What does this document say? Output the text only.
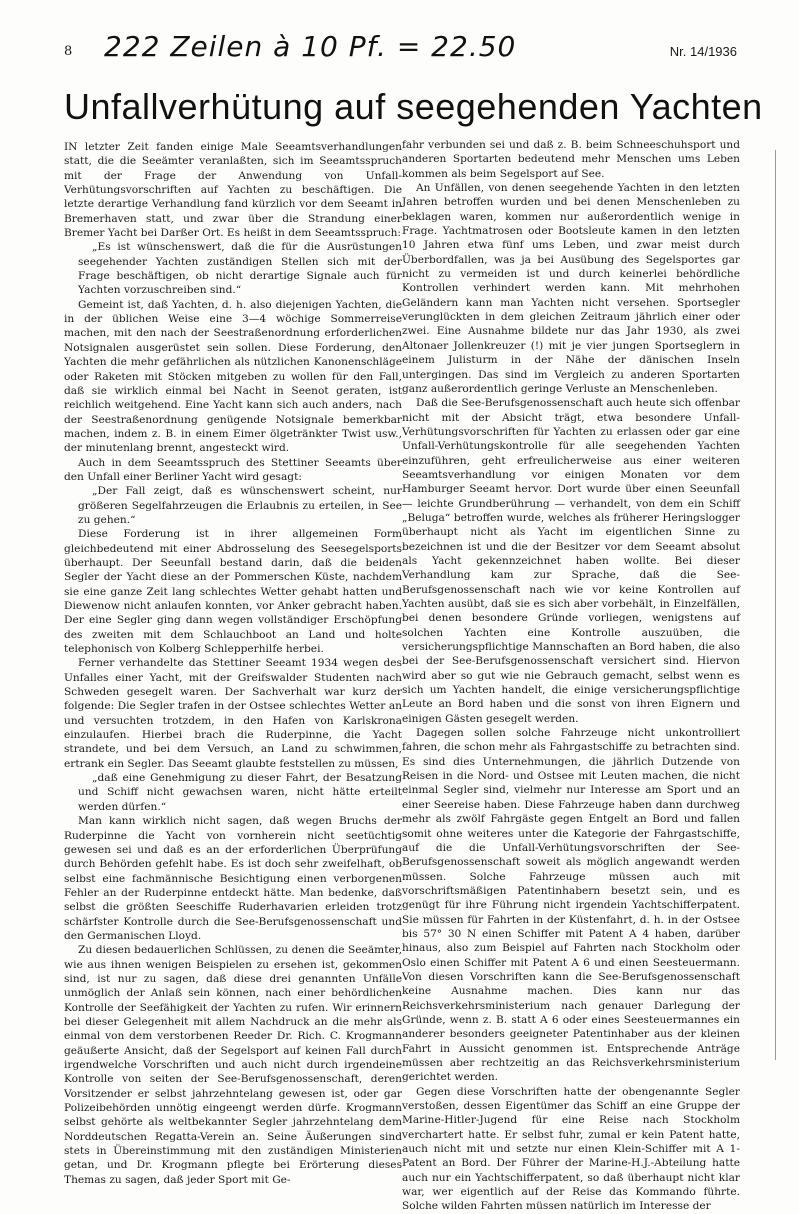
8 222 Zeilen à 10 Pf. = 22.50	Nr. 14/1936
Unfallverhütung auf seegehenden Yachten

IN letzter Zeit fanden einige Male Seeamtsverhandlungen statt, die die Seeämter veranlaßten, sich im Seeamtsspruch mit der Frage der Anwendung von Unfall-Verhütungsvorschriften auf Yachten zu beschäftigen. Die letzte derartige Verhandlung fand kürzlich vor dem Seeamt in Bremerhaven statt, und zwar über die Strandung einer Bremer Yacht bei Darßer Ort. Es heißt in dem Seeamtsspruch:

„Es ist wünschenswert, daß die für die Ausrüstungen seegehender Yachten zuständigen Stellen sich mit der Frage beschäftigen, ob nicht derartige Signale auch für Yachten vorzuschreiben sind.“

Gemeint ist, daß Yachten, d. h. also diejenigen Yachten, die in der üblichen Weise eine 3—4 wöchige Sommerreise machen, mit den nach der Seestraßenordnung erforderlichen Notsignalen ausgerüstet sein sollen. Diese Forderung, den Yachten die mehr gefährlichen als nützlichen Kanonenschläge oder Raketen mit Stöcken mitgeben zu wollen für den Fall, daß sie wirklich einmal bei Nacht in Seenot geraten, ist reichlich weitgehend. Eine Yacht kann sich auch anders, nach der Seestraßenordnung genügende Notsignale bemerkbar machen, indem z. B. in einem Eimer ölgetränkter Twist usw., der minutenlang brennt, angesteckt wird.

Auch in dem Seeamtsspruch des Stettiner Seeamts über den Unfall einer Berliner Yacht wird gesagt:

„Der Fall zeigt, daß es wünschenswert scheint, nur größeren Segelfahrzeugen die Erlaubnis zu erteilen, in See zu gehen.“

Diese Forderung ist in ihrer allgemeinen Form gleichbedeutend mit einer Abdrosselung des Seesegelsports überhaupt. Der Seeunfall bestand darin, daß die beiden Segler der Yacht diese an der Pommerschen Küste, nachdem sie eine ganze Zeit lang schlechtes Wetter gehabt hatten und Diewenow nicht anlaufen konnten, vor Anker gebracht haben. Der eine Segler ging dann wegen vollständiger Erschöpfung des zweiten mit dem Schlauchboot an Land und holte telephonisch von Kolberg Schlepperhilfe herbei.

Ferner verhandelte das Stettiner Seeamt 1934 wegen des Unfalles einer Yacht, mit der Greifswalder Studenten nach Schweden gesegelt waren. Der Sachverhalt war kurz der folgende: Die Segler trafen in der Ostsee schlechtes Wetter an und versuchten trotzdem, in den Hafen von Karlskrona einzulaufen. Hierbei brach die Ruderpinne, die Yacht strandete, und bei dem Versuch, an Land zu schwimmen, ertrank ein Segler. Das Seeamt glaubte feststellen zu müssen,

„daß eine Genehmigung zu dieser Fahrt, der Besatzung und Schiff nicht gewachsen waren, nicht hätte erteilt werden dürfen.“

Man kann wirklich nicht sagen, daß wegen Bruchs der Ruderpinne die Yacht von vornherein nicht seetüchtig gewesen sei und daß es an der erforderlichen Überprüfung durch Behörden gefehlt habe. Es ist doch sehr zweifelhaft, ob selbst eine fachmännische Besichtigung einen verborgenen Fehler an der Ruderpinne entdeckt hätte. Man bedenke, daß selbst die größten Seeschiffe Ruderhavarien erleiden trotz schärfster Kontrolle durch die See-Berufsgenossenschaft und den Germanischen Lloyd.

Zu diesen bedauerlichen Schlüssen, zu denen die Seeämter, wie aus ihnen wenigen Beispielen zu ersehen ist, gekommen sind, ist nur zu sagen, daß diese drei genannten Unfälle unmöglich der Anlaß sein können, nach einer behördlichen Kontrolle der Seefähigkeit der Yachten zu rufen. Wir erinnern bei dieser Gelegenheit mit allem Nachdruck an die mehr als einmal von dem verstorbenen Reeder Dr. Rich. C. Krogmann geäußerte Ansicht, daß der Segelsport auf keinen Fall durch irgendwelche Vorschriften und auch nicht durch irgendeine Kontrolle von seiten der See-Berufsgenossenschaft, deren Vorsitzender er selbst jahrzehntelang gewesen ist, oder gar Polizeibehörden unnötig eingeengt werden dürfe. Krogmann selbst gehörte als weltbekannter Segler jahrzehntelang dem Norddeutschen Regatta-Verein an. Seine Äußerungen sind stets in Übereinstimmung mit den zuständigen Ministerien getan, und Dr. Krogmann pflegte bei Erörterung dieses Themas zu sagen, daß jeder Sport mit Ge-

fahr verbunden sei und daß z. B. beim Schneeschuhsport und anderen Sportarten bedeutend mehr Menschen ums Leben kommen als beim Segelsport auf See.

An Unfällen, von denen seegehende Yachten in den letzten Jahren betroffen wurden und bei denen Menschenleben zu beklagen waren, kommen nur außerordentlich wenige in Frage. Yachtmatrosen oder Bootsleute kamen in den letzten 10 Jahren etwa fünf ums Leben, und zwar meist durch Überbordfallen, was ja bei Ausübung des Segelsportes gar nicht zu vermeiden ist und durch keinerlei behördliche Kontrollen verhindert werden kann. Mit mehrhohen Geländern kann man Yachten nicht versehen. Sportsegler verunglückten in dem gleichen Zeitraum jährlich einer oder zwei. Eine Ausnahme bildete nur das Jahr 1930, als zwei Altonaer Jollenkreuzer (!) mit je vier jungen Sportseglern in einem Julisturm in der Nähe der dänischen Inseln untergingen. Das sind im Vergleich zu anderen Sportarten ganz außerordentlich geringe Verluste an Menschenleben.

Daß die See-Berufsgenossenschaft auch heute sich offenbar nicht mit der Absicht trägt, etwa besondere Unfall-Verhütungsvorschriften für Yachten zu erlassen oder gar eine Unfall-Verhütungskontrolle für alle seegehenden Yachten einzuführen, geht erfreulicherweise aus einer weiteren Seeamtsverhandlung vor einigen Monaten vor dem Hamburger Seeamt hervor. Dort wurde über einen Seeunfall — leichte Grundberührung — verhandelt, von dem ein Schiff „Beluga“ betroffen wurde, welches als früherer Heringslogger überhaupt nicht als Yacht im eigentlichen Sinne zu bezeichnen ist und die der Besitzer vor dem Seeamt absolut als Yacht gekennzeichnet haben wollte. Bei dieser Verhandlung kam zur Sprache, daß die See-Berufsgenossenschaft nach wie vor keine Kontrollen auf Yachten ausübt, daß sie es sich aber vorbehält, in Einzelfällen, bei denen besondere Gründe vorliegen, wenigstens auf solchen Yachten eine Kontrolle auszuüben, die versicherungspflichtige Mannschaften an Bord haben, die also bei der See-Berufsgenossenschaft versichert sind. Hiervon wird aber so gut wie nie Gebrauch gemacht, selbst wenn es sich um Yachten handelt, die einige versicherungspflichtige Leute an Bord haben und die sonst von ihren Eignern und einigen Gästen gesegelt werden.

Dagegen sollen solche Fahrzeuge nicht unkontrolliert fahren, die schon mehr als Fahrgastschiffe zu betrachten sind. Es sind dies Unternehmungen, die jährlich Dutzende von Reisen in die Nord- und Ostsee mit Leuten machen, die nicht einmal Segler sind, vielmehr nur Interesse am Sport und an einer Seereise haben. Diese Fahrzeuge haben dann durchweg mehr als zwölf Fahrgäste gegen Entgelt an Bord und fallen somit ohne weiteres unter die Kategorie der Fahrgastschiffe, auf die die Unfall-Verhütungsvorschriften der See-Berufsgenossenschaft soweit als möglich angewandt werden müssen. Solche Fahrzeuge müssen auch mit vorschriftsmäßigen Patentinhabern besetzt sein, und es genügt für ihre Führung nicht irgendein Yachtschifferpatent. Sie müssen für Fahrten in der Küstenfahrt, d. h. in der Ostsee bis 57° 30 N einen Schiffer mit Patent A 4 haben, darüber hinaus, also zum Beispiel auf Fahrten nach Stockholm oder Oslo einen Schiffer mit Patent A 6 und einen Seesteuermann. Von diesen Vorschriften kann die See-Berufsgenossenschaft keine Ausnahme machen. Dies kann nur das Reichsverkehrsministerium nach genauer Darlegung der Gründe, wenn z. B. statt A 6 oder eines Seesteuermannes ein anderer besonders geeigneter Patentinhaber aus der kleinen Fahrt in Aussicht genommen ist. Entsprechende Anträge müssen aber rechtzeitig an das Reichsverkehrsministerium gerichtet werden.

Gegen diese Vorschriften hatte der obengenannte Segler verstoßen, dessen Eigentümer das Schiff an eine Gruppe der Marine-Hitler-Jugend für eine Reise nach Stockholm verchartert hatte. Er selbst fuhr, zumal er kein Patent hatte, auch nicht mit und setzte nur einen Klein-Schiffer mit A 1-Patent an Bord. Der Führer der Marine-H.J.-Abteilung hatte auch nur ein Yachtschifferpatent, so daß überhaupt nicht klar war, wer eigentlich auf der Reise das Kommando führte. Solche wilden Fahrten müssen natürlich im Interesse der
